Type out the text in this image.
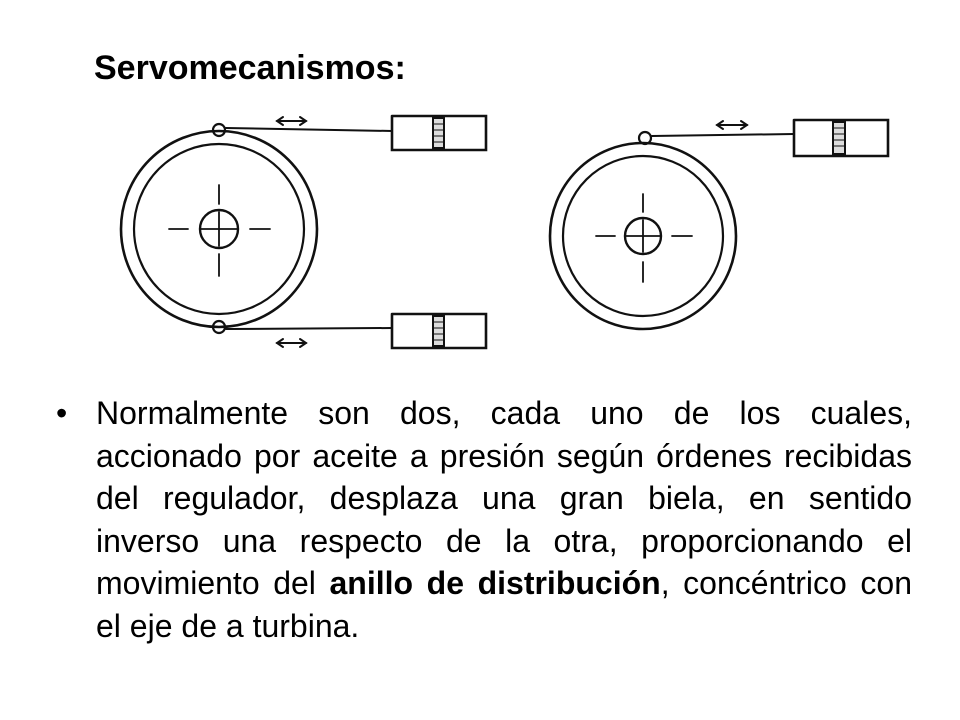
Servomecanismos:
• Normalmente son dos, cada uno de los cuales, accionado por aceite a presión según órdenes recibidas del regulador, desplaza una gran biela, en sentido inverso una respecto de la otra, proporcionando el movimiento del anillo de distribución, concéntrico con el eje de a turbina.
